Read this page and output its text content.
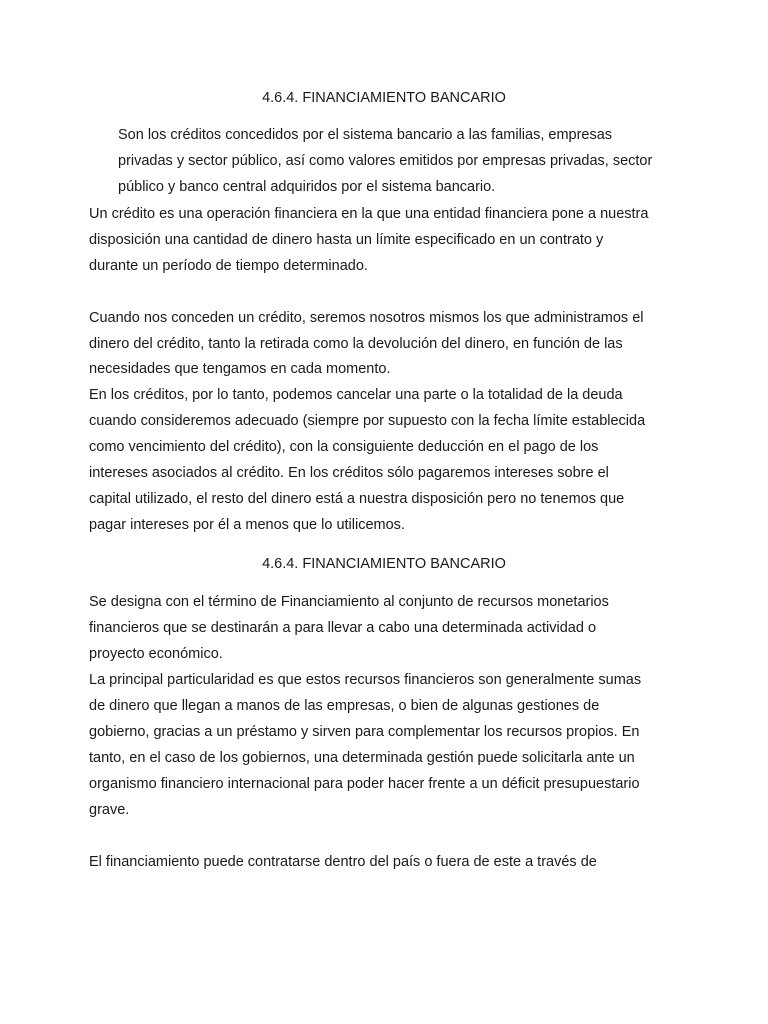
4.6.4. FINANCIAMIENTO BANCARIO

Son los créditos concedidos por el sistema bancario a las familias, empresas

privadas y sector público, así como valores emitidos por empresas privadas, sector

público y banco central adquiridos por el sistema bancario.

Un crédito es una operación financiera en la que una entidad financiera pone a nuestra

disposición una cantidad de dinero hasta un límite especificado en un contrato y

durante un período de tiempo determinado.

Cuando nos conceden un crédito, seremos nosotros mismos los que administramos el

dinero del crédito, tanto la retirada como la devolución del dinero, en función de las

necesidades que tengamos en cada momento.

En los créditos, por lo tanto, podemos cancelar una parte o la totalidad de la deuda

cuando consideremos adecuado (siempre por supuesto con la fecha límite establecida

como vencimiento del crédito), con la consiguiente deducción en el pago de los

intereses asociados al crédito. En los créditos sólo pagaremos intereses sobre el

capital utilizado, el resto del dinero está a nuestra disposición pero no tenemos que

pagar intereses por él a menos que lo utilicemos.

4.6.4. FINANCIAMIENTO BANCARIO

Se designa con el término de Financiamiento al conjunto de recursos monetarios

financieros que se destinarán a para llevar a cabo una determinada actividad o

proyecto económico.

La principal particularidad es que estos recursos financieros son generalmente sumas

de dinero que llegan a manos de las empresas, o bien de algunas gestiones de

gobierno, gracias a un préstamo y sirven para complementar los recursos propios. En

tanto, en el caso de los gobiernos, una determinada gestión puede solicitarla ante un

organismo financiero internacional para poder hacer frente a un déficit presupuestario

grave.

El financiamiento puede contratarse dentro del país o fuera de este a través de
